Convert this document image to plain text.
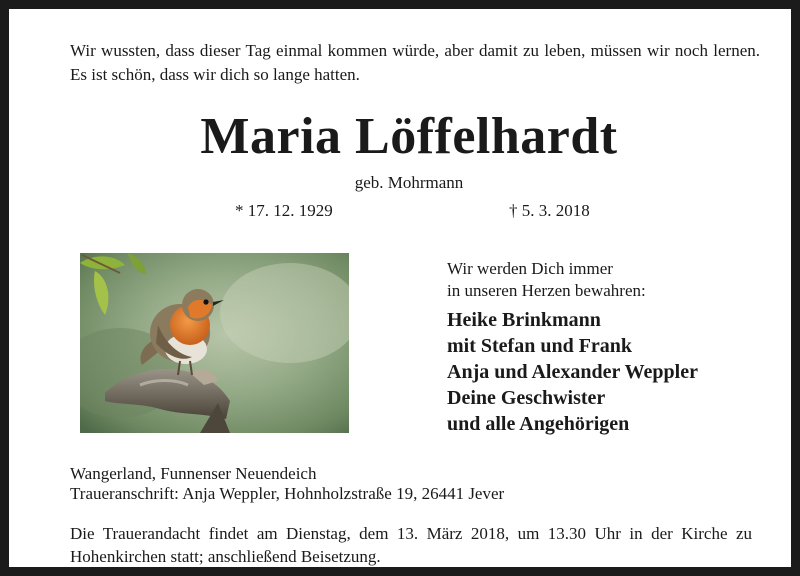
Wir wussten, dass dieser Tag einmal kommen würde, aber damit zu leben, müssen wir noch lernen. Es ist schön, dass wir dich so lange hatten.
Maria Löffelhardt
geb. Mohrmann
* 17. 12. 1929	† 5. 3. 2018
©Fotolia.de-kat31
Wir werden Dich immer
in unseren Herzen bewahren:
Heike Brinkmann
mit Stefan und Frank
Anja und Alexander Weppler
Deine Geschwister
und alle Angehörigen
Wangerland, Funnenser Neuendeich
Traueranschrift: Anja Weppler, Hohnholzstraße 19, 26441 Jever
Die Trauerandacht findet am Dienstag, dem 13. März 2018, um 13.30 Uhr in der Kirche zu Hohenkirchen statt; anschließend Beisetzung.
